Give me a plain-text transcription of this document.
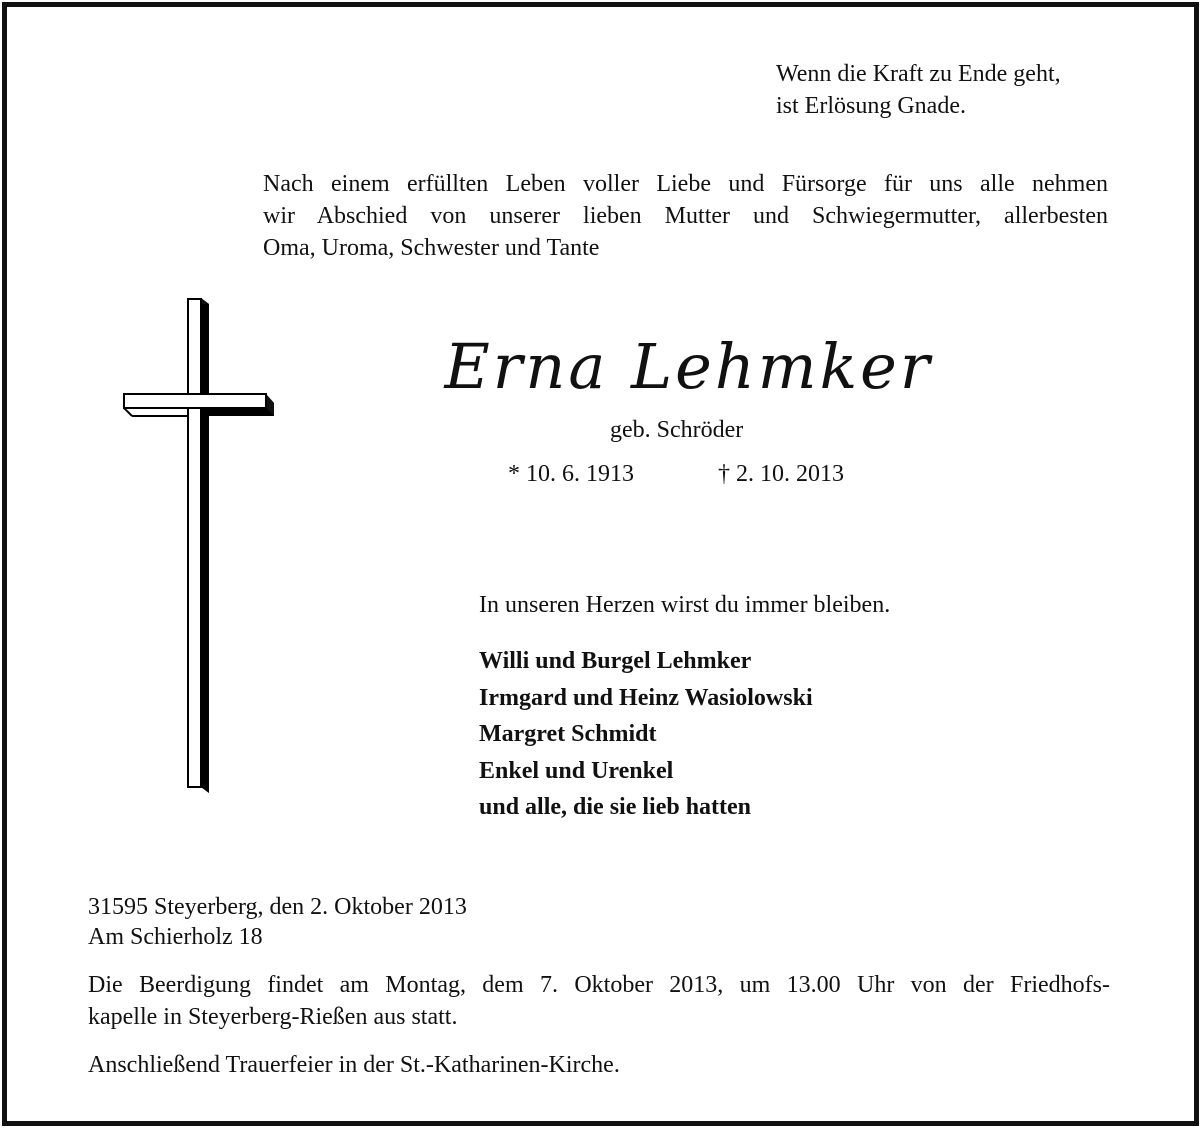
Wenn die Kraft zu Ende geht,
ist Erlösung Gnade.
Nach einem erfüllten Leben voller Liebe und Fürsorge für uns alle nehmen
wir Abschied von unserer lieben Mutter und Schwiegermutter, allerbesten
Oma, Uroma, Schwester und Tante
Erna Lehmker
geb. Schröder
* 10. 6. 1913	† 2. 10. 2013
In unseren Herzen wirst du immer bleiben.
Willi und Burgel Lehmker
Irmgard und Heinz Wasiolowski
Margret Schmidt
Enkel und Urenkel
und alle, die sie lieb hatten
31595 Steyerberg, den 2. Oktober 2013
Am Schierholz 18
Die Beerdigung findet am Montag, dem 7. Oktober 2013, um 13.00 Uhr von der Friedhofs-
kapelle in Steyerberg-Rießen aus statt.
Anschließend Trauerfeier in der St.-Katharinen-Kirche.
